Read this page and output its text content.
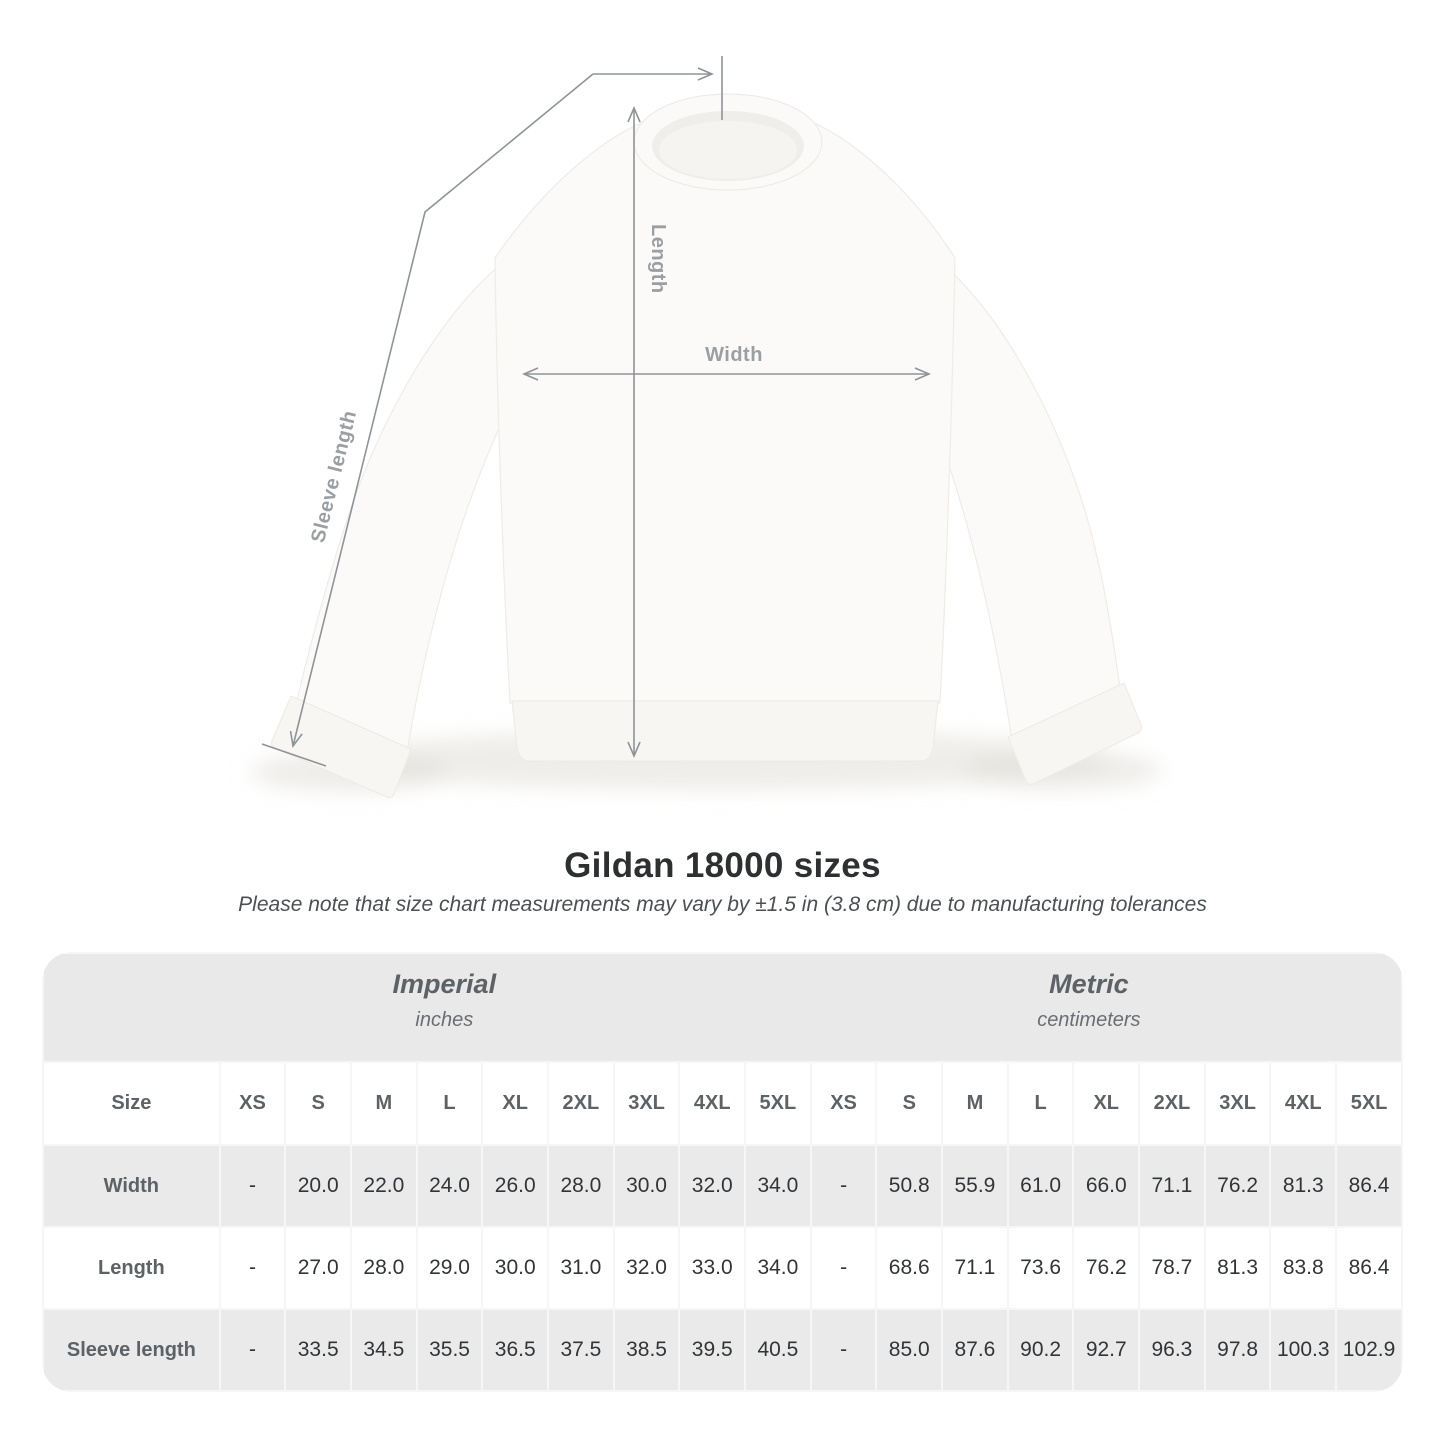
Length
Width
Sleeve length
Gildan 18000 sizes
Please note that size chart measurements may vary by ±1.5 in (3.8 cm) due to manufacturing tolerances
Imperial
inches
Metric
centimeters																		

Size	XS	S	M	L	XL	2XL	3XL	4XL	5XL	XS	S	M	L	XL	2XL	3XL	4XL	5XL
Width	-	20.0	22.0	24.0	26.0	28.0	30.0	32.0	34.0	-	50.8	55.9	61.0	66.0	71.1	76.2	81.3	86.4
Length	-	27.0	28.0	29.0	30.0	31.0	32.0	33.0	34.0	-	68.6	71.1	73.6	76.2	78.7	81.3	83.8	86.4
Sleeve length	-	33.5	34.5	35.5	36.5	37.5	38.5	39.5	40.5	-	85.0	87.6	90.2	92.7	96.3	97.8	100.3	102.9
